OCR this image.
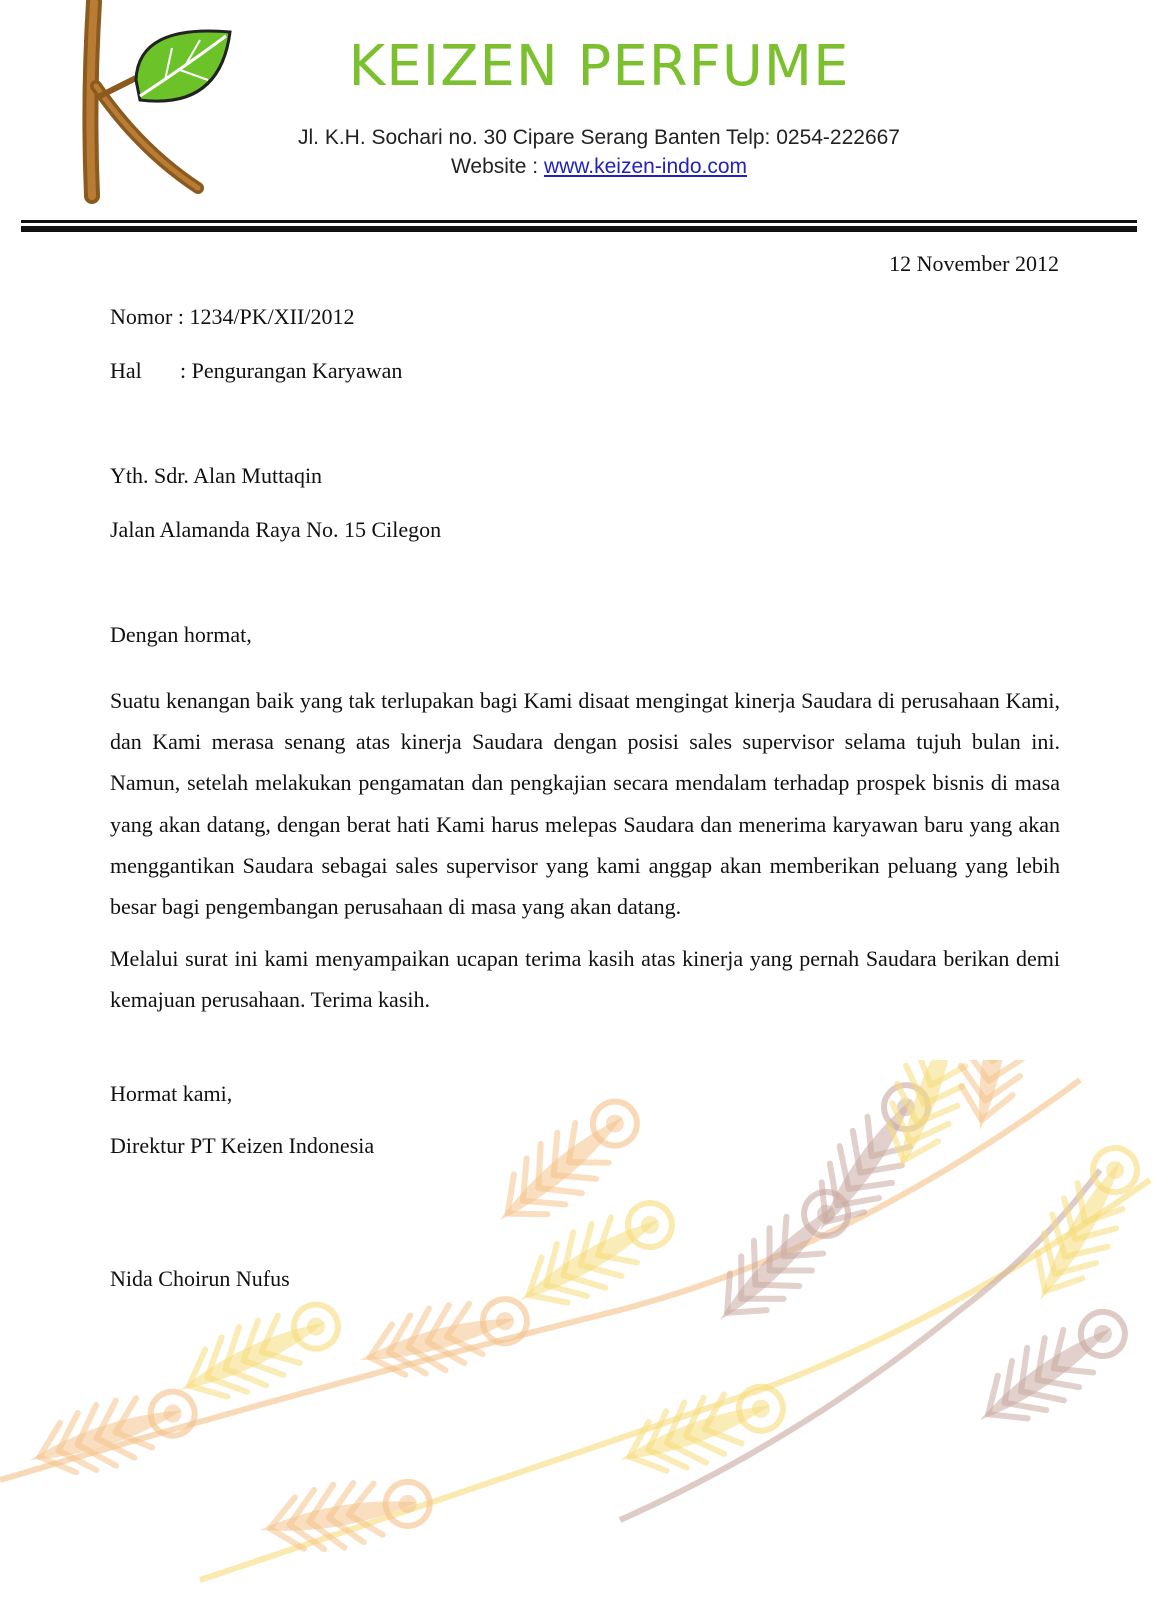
KEIZEN PERFUME
Jl. K.H. Sochari no. 30 Cipare Serang Banten Telp: 0254-222667
Website : www.keizen-indo.com
12 November 2012
Nomor : 1234/PK/XII/2012
Hal : Pengurangan Karyawan
Yth. Sdr. Alan Muttaqin
Jalan Alamanda Raya No. 15 Cilegon
Dengan hormat,

Suatu kenangan baik yang tak terlupakan bagi Kami disaat mengingat kinerja Saudara di perusahaan Kami, dan Kami merasa senang atas kinerja Saudara dengan posisi sales supervisor selama tujuh bulan ini. Namun, setelah melakukan pengamatan dan pengkajian secara mendalam terhadap prospek bisnis di masa yang akan datang, dengan berat hati Kami harus melepas Saudara dan menerima karyawan baru yang akan menggantikan Saudara sebagai sales supervisor yang kami anggap akan memberikan peluang yang lebih besar bagi pengembangan perusahaan di masa yang akan datang.

Melalui surat ini kami menyampaikan ucapan terima kasih atas kinerja yang pernah Saudara berikan demi kemajuan perusahaan. Terima kasih.

Hormat kami,
Direktur PT Keizen Indonesia
Nida Choirun Nufus
